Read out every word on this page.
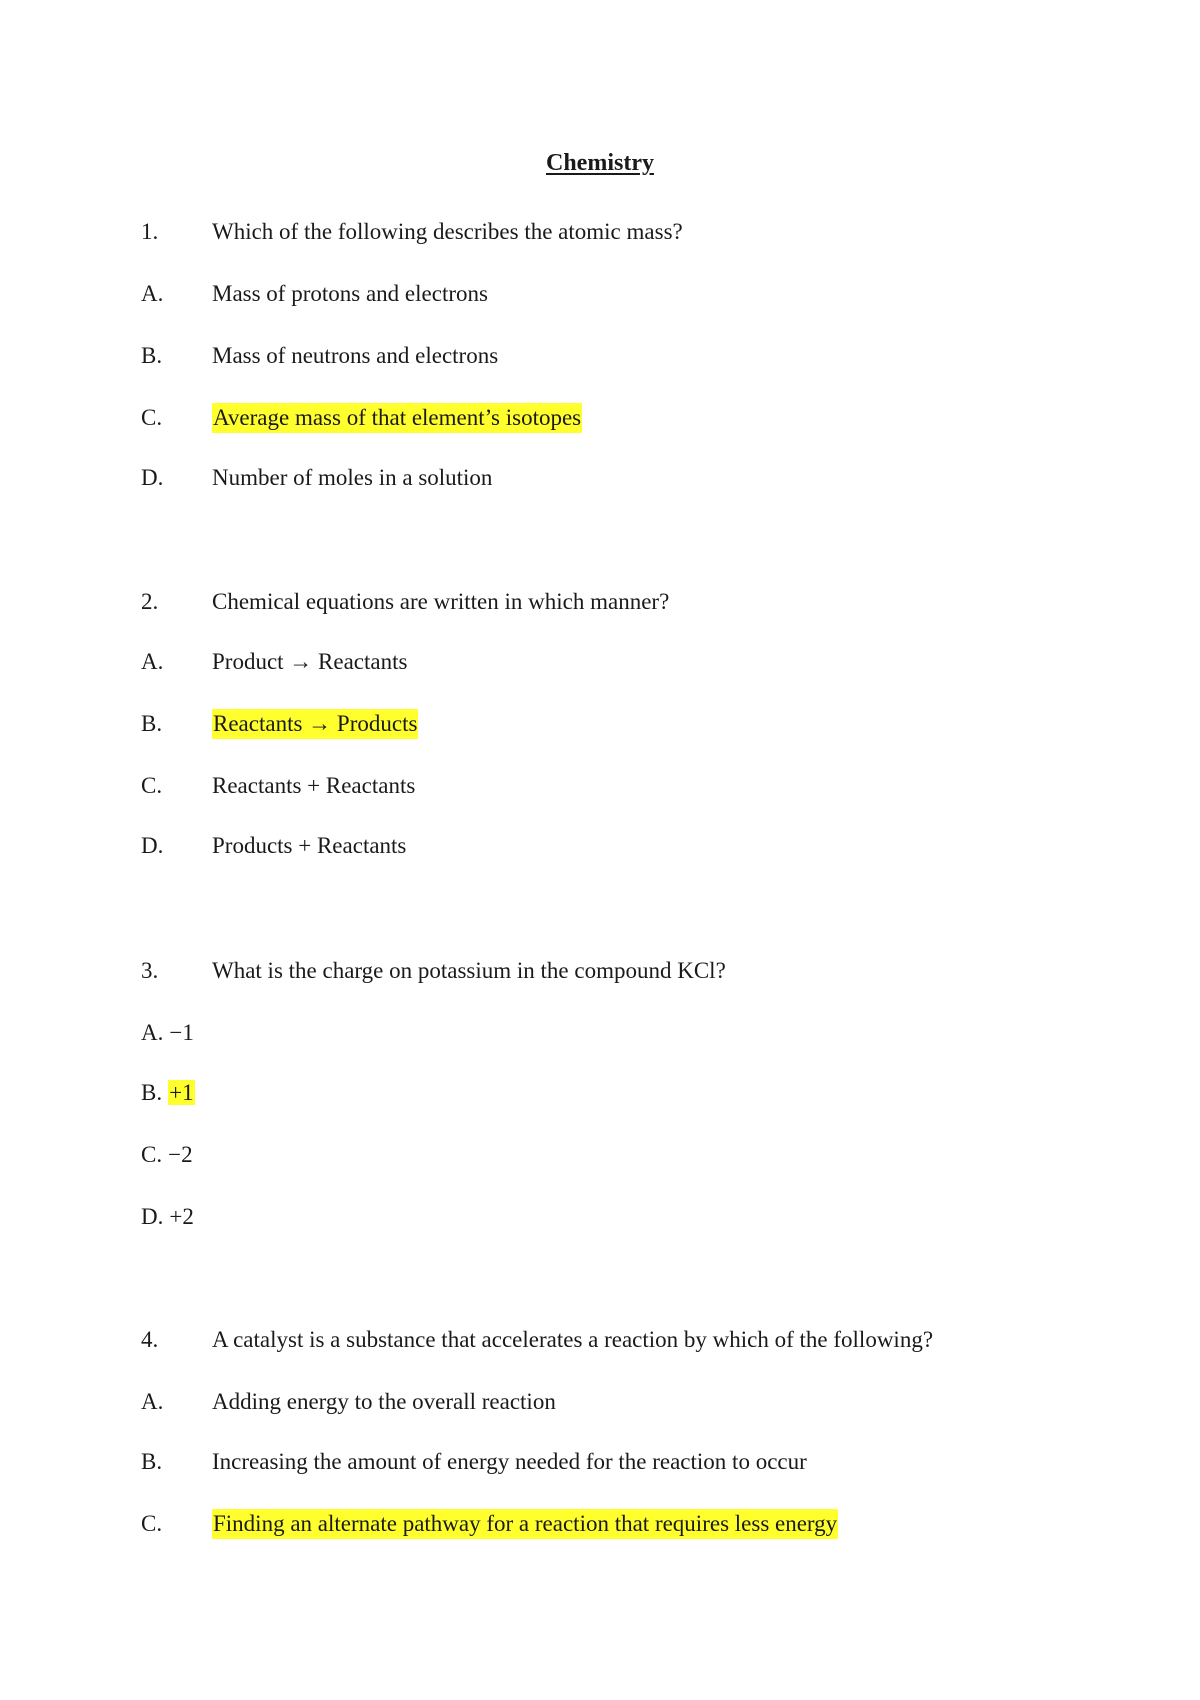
Chemistry
1. Which of the following describes the atomic mass?
A. Mass of protons and electrons
B. Mass of neutrons and electrons
C. Average mass of that element’s isotopes
D. Number of moles in a solution
2. Chemical equations are written in which manner?
A. Product → Reactants
B. Reactants → Products
C. Reactants + Reactants
D. Products + Reactants
3. What is the charge on potassium in the compound KCl?
A. −1
B. +1
C. −2
D. +2
4. A catalyst is a substance that accelerates a reaction by which of the following?
A. Adding energy to the overall reaction
B. Increasing the amount of energy needed for the reaction to occur
C. Finding an alternate pathway for a reaction that requires less energy
